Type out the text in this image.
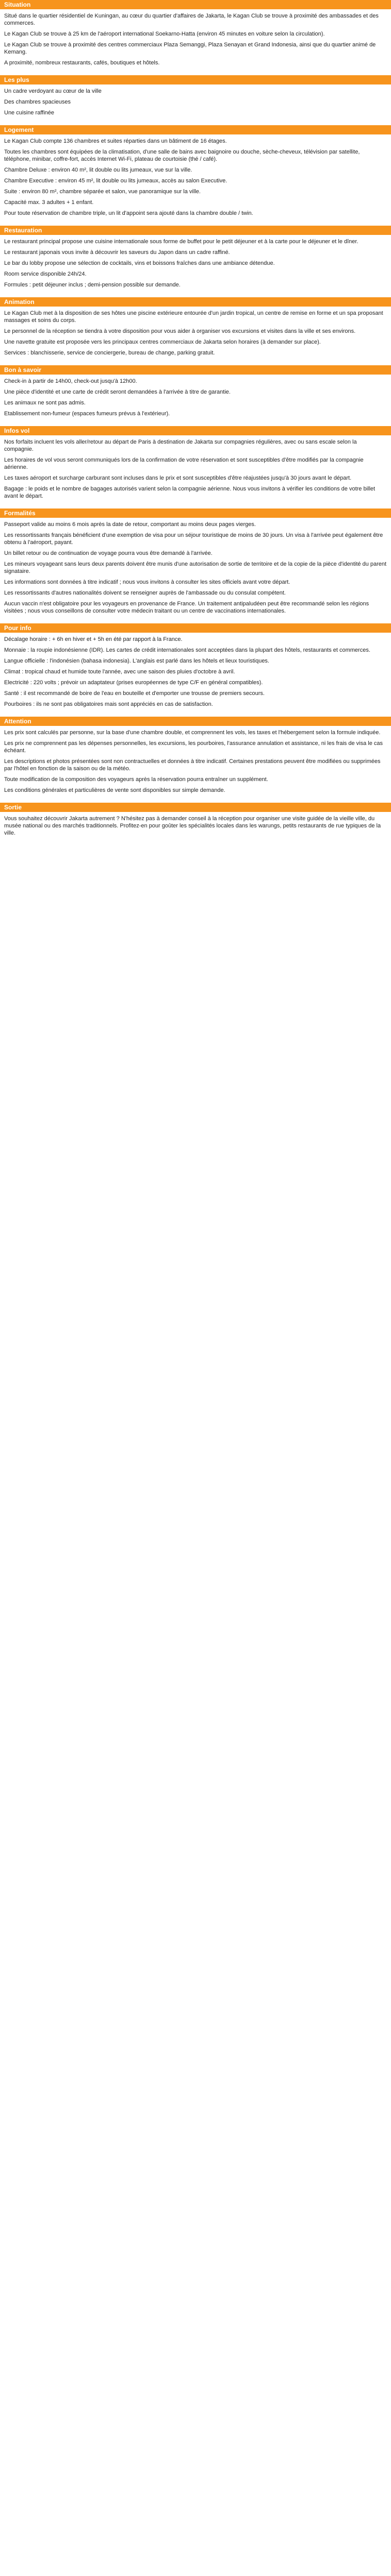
Situation

Situé dans le quartier résidentiel de Kuningan, au cœur du quartier d'affaires de Jakarta, le Kagan Club se trouve à proximité des ambassades et des commerces.

Le Kagan Club se trouve à 25 km de l'aéroport international Soekarno-Hatta (environ 45 minutes en voiture selon la circulation).

Le Kagan Club se trouve à proximité des centres commerciaux Plaza Semanggi, Plaza Senayan et Grand Indonesia, ainsi que du quartier animé de Kemang.

A proximité, nombreux restaurants, cafés, boutiques et hôtels.

Les plus

Un cadre verdoyant au cœur de la ville

Des chambres spacieuses

Une cuisine raffinée

Logement

Le Kagan Club compte 136 chambres et suites réparties dans un bâtiment de 16 étages.

Toutes les chambres sont équipées de la climatisation, d'une salle de bains avec baignoire ou douche, sèche-cheveux, télévision par satellite, téléphone, minibar, coffre-fort, accès Internet Wi-Fi, plateau de courtoisie (thé / café).

Chambre Deluxe : environ 40 m², lit double ou lits jumeaux, vue sur la ville.

Chambre Executive : environ 45 m², lit double ou lits jumeaux, accès au salon Executive.

Suite : environ 80 m², chambre séparée et salon, vue panoramique sur la ville.

Capacité max. 3 adultes + 1 enfant.

Pour toute réservation de chambre triple, un lit d'appoint sera ajouté dans la chambre double / twin.

Restauration

Le restaurant principal propose une cuisine internationale sous forme de buffet pour le petit déjeuner et à la carte pour le déjeuner et le dîner.

Le restaurant japonais vous invite à découvrir les saveurs du Japon dans un cadre raffiné.

Le bar du lobby propose une sélection de cocktails, vins et boissons fraîches dans une ambiance détendue.

Room service disponible 24h/24.

Formules : petit déjeuner inclus ; demi-pension possible sur demande.

Animation

Le Kagan Club met à la disposition de ses hôtes une piscine extérieure entourée d'un jardin tropical, un centre de remise en forme et un spa proposant massages et soins du corps.

Le personnel de la réception se tiendra à votre disposition pour vous aider à organiser vos excursions et visites dans la ville et ses environs.

Une navette gratuite est proposée vers les principaux centres commerciaux de Jakarta selon horaires (à demander sur place).

Services : blanchisserie, service de conciergerie, bureau de change, parking gratuit.

Bon à savoir

Check-in à partir de 14h00, check-out jusqu'à 12h00.

Une pièce d'identité et une carte de crédit seront demandées à l'arrivée à titre de garantie.

Les animaux ne sont pas admis.

Etablissement non-fumeur (espaces fumeurs prévus à l'extérieur).

Infos vol

Nos forfaits incluent les vols aller/retour au départ de Paris à destination de Jakarta sur compagnies régulières, avec ou sans escale selon la compagnie.

Les horaires de vol vous seront communiqués lors de la confirmation de votre réservation et sont susceptibles d'être modifiés par la compagnie aérienne.

Les taxes aéroport et surcharge carburant sont incluses dans le prix et sont susceptibles d'être réajustées jusqu'à 30 jours avant le départ.

Bagage : le poids et le nombre de bagages autorisés varient selon la compagnie aérienne. Nous vous invitons à vérifier les conditions de votre billet avant le départ.

Formalités

Passeport valide au moins 6 mois après la date de retour, comportant au moins deux pages vierges.

Les ressortissants français bénéficient d'une exemption de visa pour un séjour touristique de moins de 30 jours. Un visa à l'arrivée peut également être obtenu à l'aéroport, payant.

Un billet retour ou de continuation de voyage pourra vous être demandé à l'arrivée.

Les mineurs voyageant sans leurs deux parents doivent être munis d'une autorisation de sortie de territoire et de la copie de la pièce d'identité du parent signataire.

Les informations sont données à titre indicatif ; nous vous invitons à consulter les sites officiels avant votre départ.

Les ressortissants d'autres nationalités doivent se renseigner auprès de l'ambassade ou du consulat compétent.

Aucun vaccin n'est obligatoire pour les voyageurs en provenance de France. Un traitement antipaludéen peut être recommandé selon les régions visitées ; nous vous conseillons de consulter votre médecin traitant ou un centre de vaccinations internationales.

Pour info

Décalage horaire : + 6h en hiver et + 5h en été par rapport à la France.

Monnaie : la roupie indonésienne (IDR). Les cartes de crédit internationales sont acceptées dans la plupart des hôtels, restaurants et commerces.

Langue officielle : l'indonésien (bahasa indonesia). L'anglais est parlé dans les hôtels et lieux touristiques.

Climat : tropical chaud et humide toute l'année, avec une saison des pluies d'octobre à avril.

Electricité : 220 volts ; prévoir un adaptateur (prises européennes de type C/F en général compatibles).

Santé : il est recommandé de boire de l'eau en bouteille et d'emporter une trousse de premiers secours.

Pourboires : ils ne sont pas obligatoires mais sont appréciés en cas de satisfaction.

Attention

Les prix sont calculés par personne, sur la base d'une chambre double, et comprennent les vols, les taxes et l'hébergement selon la formule indiquée.

Les prix ne comprennent pas les dépenses personnelles, les excursions, les pourboires, l'assurance annulation et assistance, ni les frais de visa le cas échéant.

Les descriptions et photos présentées sont non contractuelles et données à titre indicatif. Certaines prestations peuvent être modifiées ou supprimées par l'hôtel en fonction de la saison ou de la météo.

Toute modification de la composition des voyageurs après la réservation pourra entraîner un supplément.

Les conditions générales et particulières de vente sont disponibles sur simple demande.

Sortie

Vous souhaitez découvrir Jakarta autrement ? N'hésitez pas à demander conseil à la réception pour organiser une visite guidée de la vieille ville, du musée national ou des marchés traditionnels. Profitez-en pour goûter les spécialités locales dans les warungs, petits restaurants de rue typiques de la ville.
